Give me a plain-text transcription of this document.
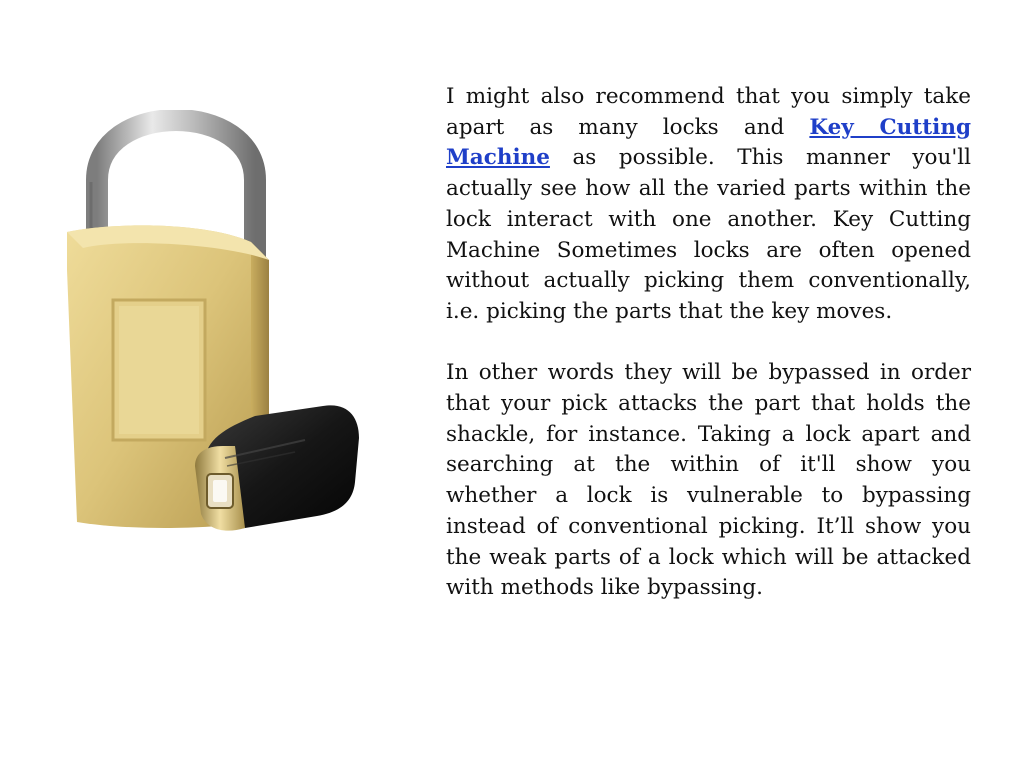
I might also recommend that you simply take apart as many locks and Key Cutting Machine as possible. This manner you'll actually see how all the varied parts within the lock interact with one another. Key Cutting Machine Sometimes locks are often opened without actually picking them conventionally, i.e. picking the parts that the key moves.

In other words they will be bypassed in order that your pick attacks the part that holds the shackle, for instance. Taking a lock apart and searching at the within of it'll show you whether a lock is vulnerable to bypassing instead of conventional picking. It’ll show you the weak parts of a lock which will be attacked with methods like bypassing.
